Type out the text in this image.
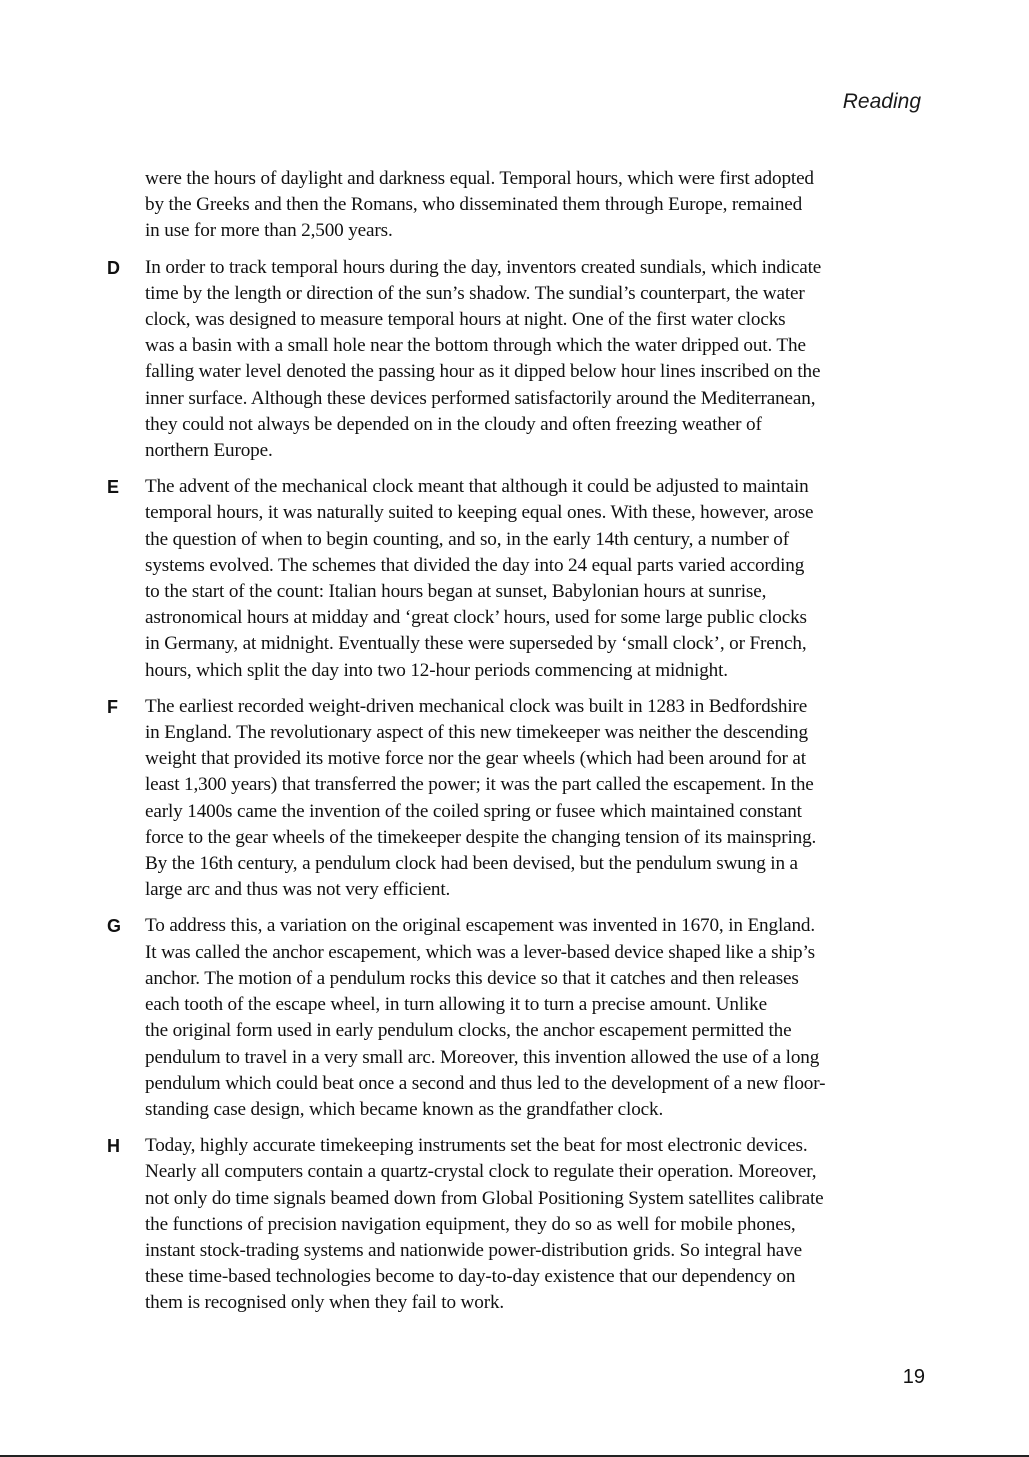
Reading
were the hours of daylight and darkness equal. Temporal hours, which were first adopted
by the Greeks and then the Romans, who disseminated them through Europe, remained
in use for more than 2,500 years.
D In order to track temporal hours during the day, inventors created sundials, which indicate
time by the length or direction of the sun’s shadow. The sundial’s counterpart, the water
clock, was designed to measure temporal hours at night. One of the first water clocks
was a basin with a small hole near the bottom through which the water dripped out. The
falling water level denoted the passing hour as it dipped below hour lines inscribed on the
inner surface. Although these devices performed satisfactorily around the Mediterranean,
they could not always be depended on in the cloudy and often freezing weather of
northern Europe.
E The advent of the mechanical clock meant that although it could be adjusted to maintain
temporal hours, it was naturally suited to keeping equal ones. With these, however, arose
the question of when to begin counting, and so, in the early 14th century, a number of
systems evolved. The schemes that divided the day into 24 equal parts varied according
to the start of the count: Italian hours began at sunset, Babylonian hours at sunrise,
astronomical hours at midday and ‘great clock’ hours, used for some large public clocks
in Germany, at midnight. Eventually these were superseded by ‘small clock’, or French,
hours, which split the day into two 12-hour periods commencing at midnight.
F The earliest recorded weight-driven mechanical clock was built in 1283 in Bedfordshire
in England. The revolutionary aspect of this new timekeeper was neither the descending
weight that provided its motive force nor the gear wheels (which had been around for at
least 1,300 years) that transferred the power; it was the part called the escapement. In the
early 1400s came the invention of the coiled spring or fusee which maintained constant
force to the gear wheels of the timekeeper despite the changing tension of its mainspring.
By the 16th century, a pendulum clock had been devised, but the pendulum swung in a
large arc and thus was not very efficient.
G To address this, a variation on the original escapement was invented in 1670, in England.
It was called the anchor escapement, which was a lever-based device shaped like a ship’s
anchor. The motion of a pendulum rocks this device so that it catches and then releases
each tooth of the escape wheel, in turn allowing it to turn a precise amount. Unlike
the original form used in early pendulum clocks, the anchor escapement permitted the
pendulum to travel in a very small arc. Moreover, this invention allowed the use of a long
pendulum which could beat once a second and thus led to the development of a new floor-
standing case design, which became known as the grandfather clock.
H Today, highly accurate timekeeping instruments set the beat for most electronic devices.
Nearly all computers contain a quartz-crystal clock to regulate their operation. Moreover,
not only do time signals beamed down from Global Positioning System satellites calibrate
the functions of precision navigation equipment, they do so as well for mobile phones,
instant stock-trading systems and nationwide power-distribution grids. So integral have
these time-based technologies become to day-to-day existence that our dependency on
them is recognised only when they fail to work.
19
